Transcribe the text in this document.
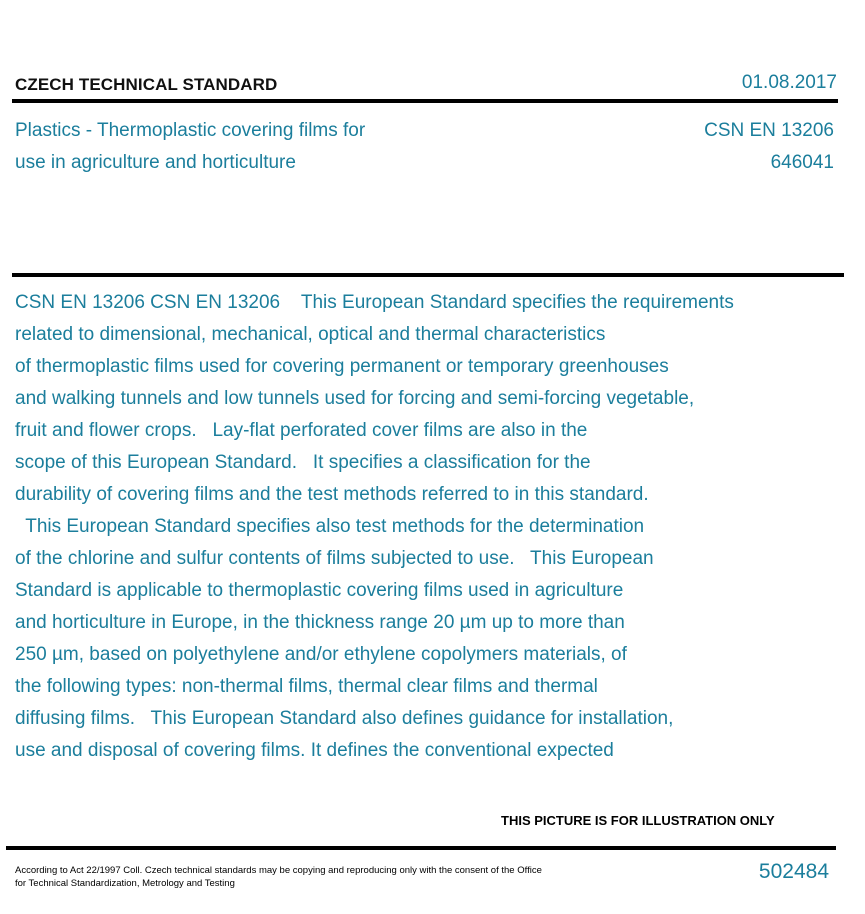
CZECH TECHNICAL STANDARD	01.08.2017
Plastics - Thermoplastic covering films for
use in agriculture and horticulture
CSN EN 13206
646041
CSN EN 13206 CSN EN 13206    This European Standard specifies the requirements
related to dimensional, mechanical, optical and thermal characteristics
of thermoplastic films used for covering permanent or temporary greenhouses
and walking tunnels and low tunnels used for forcing and semi-forcing vegetable,
fruit and flower crops.   Lay-flat perforated cover films are also in the
scope of this European Standard.   It specifies a classification for the
durability of covering films and the test methods referred to in this standard.
This European Standard specifies also test methods for the determination
of the chlorine and sulfur contents of films subjected to use.   This European
Standard is applicable to thermoplastic covering films used in agriculture
and horticulture in Europe, in the thickness range 20 µm up to more than
250 µm, based on polyethylene and/or ethylene copolymers materials, of
the following types: non-thermal films, thermal clear films and thermal
diffusing films.   This European Standard also defines guidance for installation,
use and disposal of covering films. It defines the conventional expected
THIS PICTURE IS FOR ILLUSTRATION ONLY
According to Act 22/1997 Coll. Czech technical standards may be copying and reproducing only with the consent of the Office
for Technical Standardization, Metrology and Testing
502484
